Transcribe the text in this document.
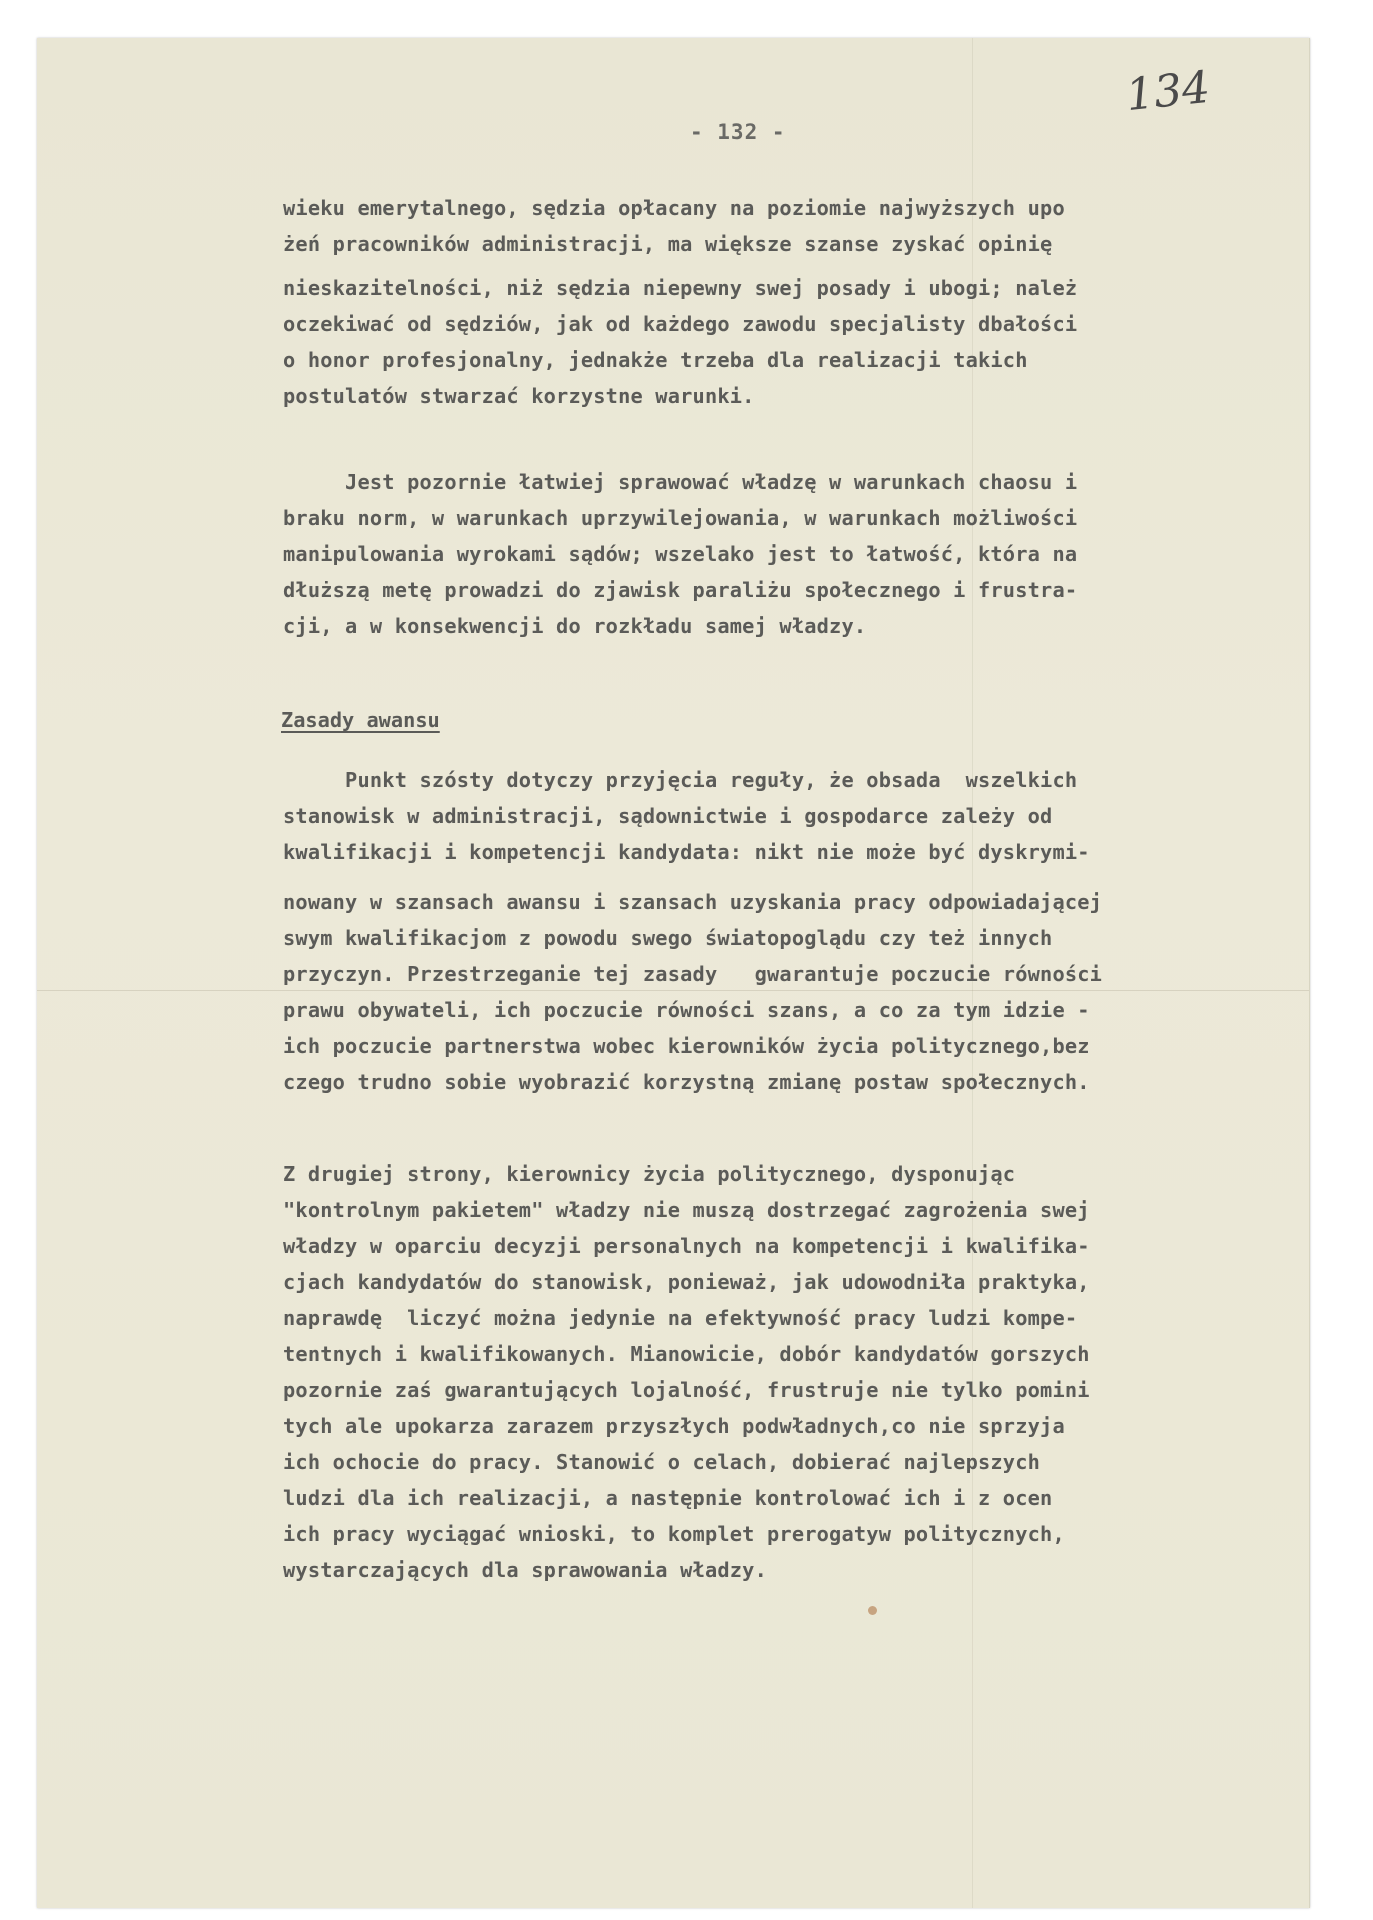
134
- 132 -
wieku emerytalnego, sędzia opłacany na poziomie najwyższych upo
żeń pracowników administracji, ma większe szanse zyskać opinię
nieskazitelności, niż sędzia niepewny swej posady i ubogi; należ
oczekiwać od sędziów, jak od każdego zawodu specjalisty dbałości
o honor profesjonalny, jednakże trzeba dla realizacji takich
postulatów stwarzać korzystne warunki.
Jest pozornie łatwiej sprawować władzę w warunkach chaosu i
braku norm, w warunkach uprzywilejowania, w warunkach możliwości
manipulowania wyrokami sądów; wszelako jest to łatwość, która na
dłuższą metę prowadzi do zjawisk paraliżu społecznego i frustra-
cji, a w konsekwencji do rozkładu samej władzy.
Zasady awansu
Punkt szósty dotyczy przyjęcia reguły, że obsada  wszelkich
stanowisk w administracji, sądownictwie i gospodarce zależy od
kwalifikacji i kompetencji kandydata: nikt nie może być dyskrymi-
nowany w szansach awansu i szansach uzyskania pracy odpowiadającej
swym kwalifikacjom z powodu swego światopoglądu czy też innych
przyczyn. Przestrzeganie tej zasady   gwarantuje poczucie równości
prawu obywateli, ich poczucie równości szans, a co za tym idzie -
ich poczucie partnerstwa wobec kierowników życia politycznego,bez
czego trudno sobie wyobrazić korzystną zmianę postaw społecznych.
Z drugiej strony, kierownicy życia politycznego, dysponując
"kontrolnym pakietem" władzy nie muszą dostrzegać zagrożenia swej
władzy w oparciu decyzji personalnych na kompetencji i kwalifika-
cjach kandydatów do stanowisk, ponieważ, jak udowodniła praktyka,
naprawdę  liczyć można jedynie na efektywność pracy ludzi kompe-
tentnych i kwalifikowanych. Mianowicie, dobór kandydatów gorszych
pozornie zaś gwarantujących lojalność, frustruje nie tylko pomini
tych ale upokarza zarazem przyszłych podwładnych,co nie sprzyja
ich ochocie do pracy. Stanowić o celach, dobierać najlepszych
ludzi dla ich realizacji, a następnie kontrolować ich i z ocen
ich pracy wyciągać wnioski, to komplet prerogatyw politycznych,
wystarczających dla sprawowania władzy.
